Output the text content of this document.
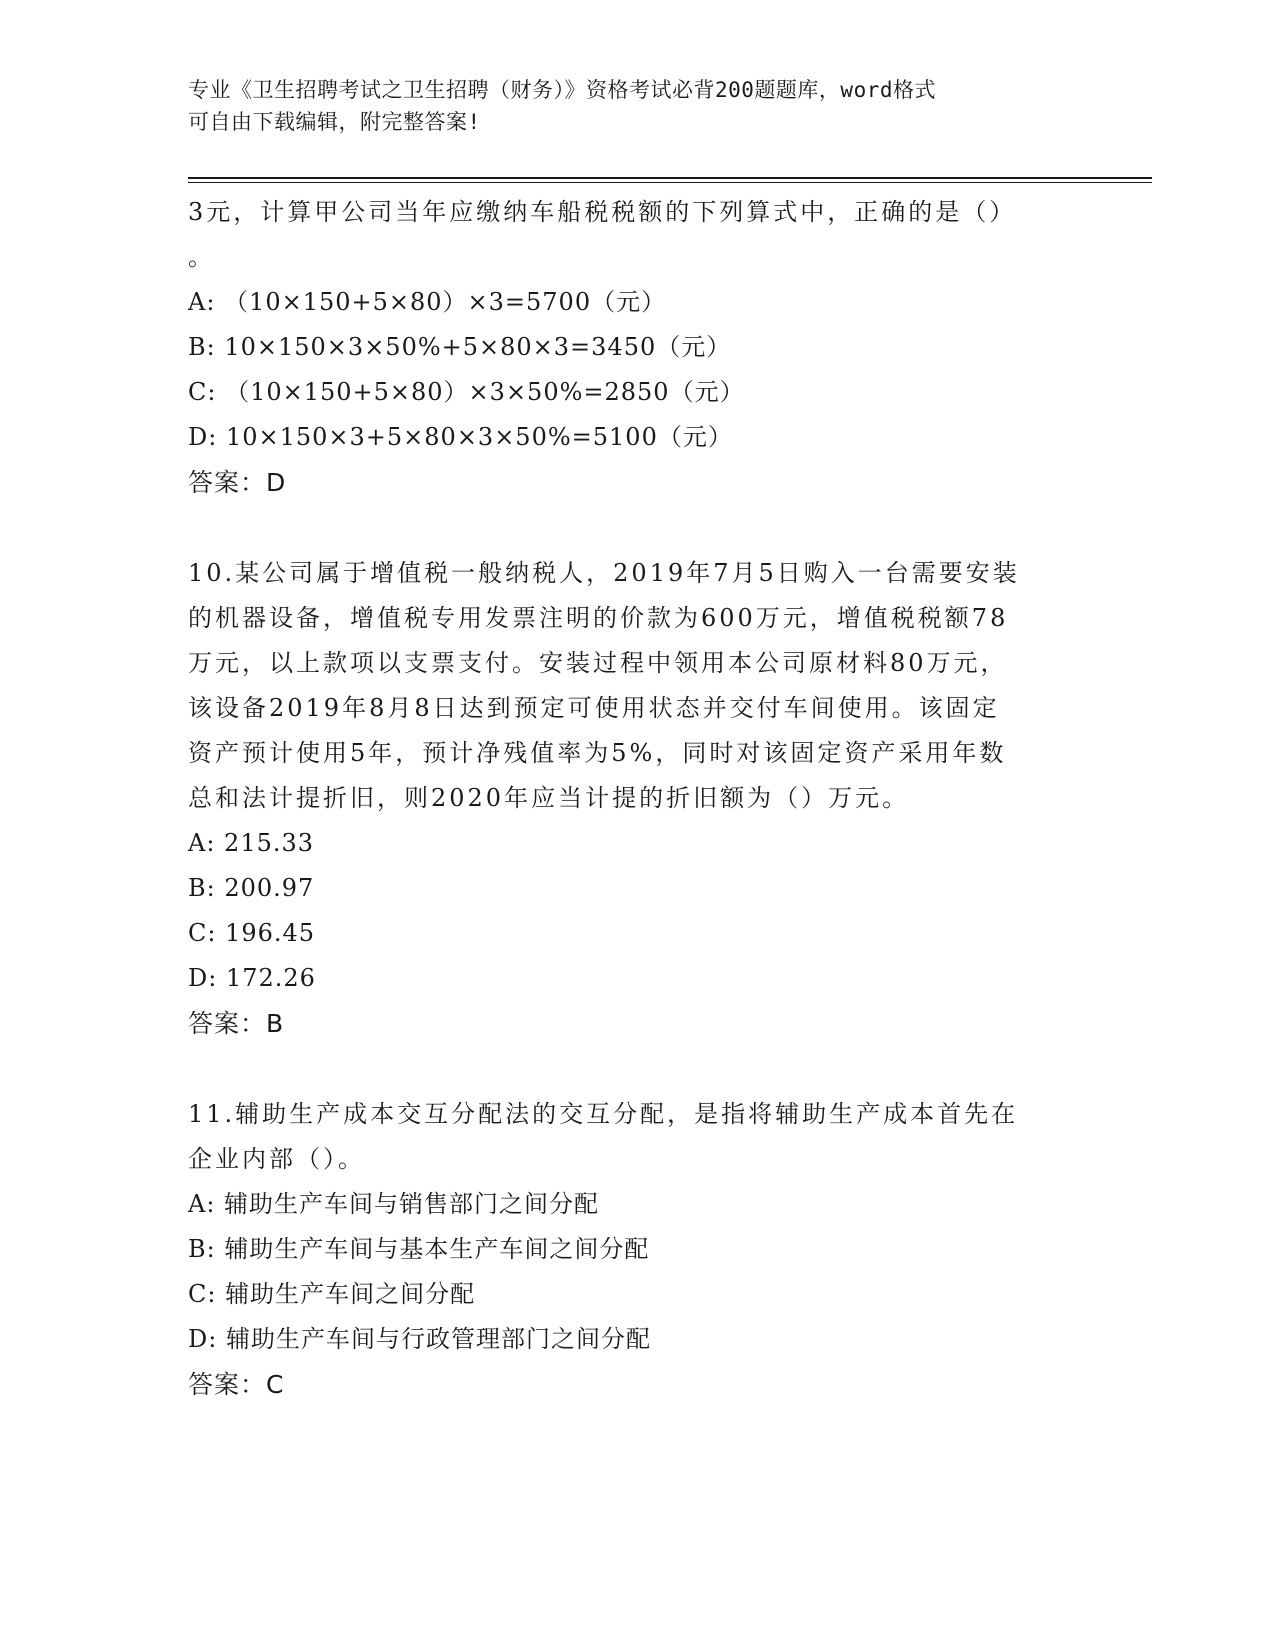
专业《卫生招聘考试之卫生招聘（财务）》资格考试必背200题题库，word格式
可自由下载编辑，附完整答案!
3元，计算甲公司当年应缴纳车船税税额的下列算式中，正确的是（）
。
A: （10×150+5×80）×3=5700（元）
B: 10×150×3×50%+5×80×3=3450（元）
C: （10×150+5×80）×3×50%=2850（元）
D: 10×150×3+5×80×3×50%=5100（元）
答案：D
10.某公司属于增值税一般纳税人，2019年7月5日购入一台需要安装
的机器设备，增值税专用发票注明的价款为600万元，增值税税额78
万元，以上款项以支票支付。安装过程中领用本公司原材料80万元，
该设备2019年8月8日达到预定可使用状态并交付车间使用。该固定
资产预计使用5年，预计净残值率为5%，同时对该固定资产采用年数
总和法计提折旧，则2020年应当计提的折旧额为（）万元。
A: 215.33
B: 200.97
C: 196.45
D: 172.26
答案：B
11.辅助生产成本交互分配法的交互分配，是指将辅助生产成本首先在
企业内部（）。
A: 辅助生产车间与销售部门之间分配
B: 辅助生产车间与基本生产车间之间分配
C: 辅助生产车间之间分配
D: 辅助生产车间与行政管理部门之间分配
答案：C
